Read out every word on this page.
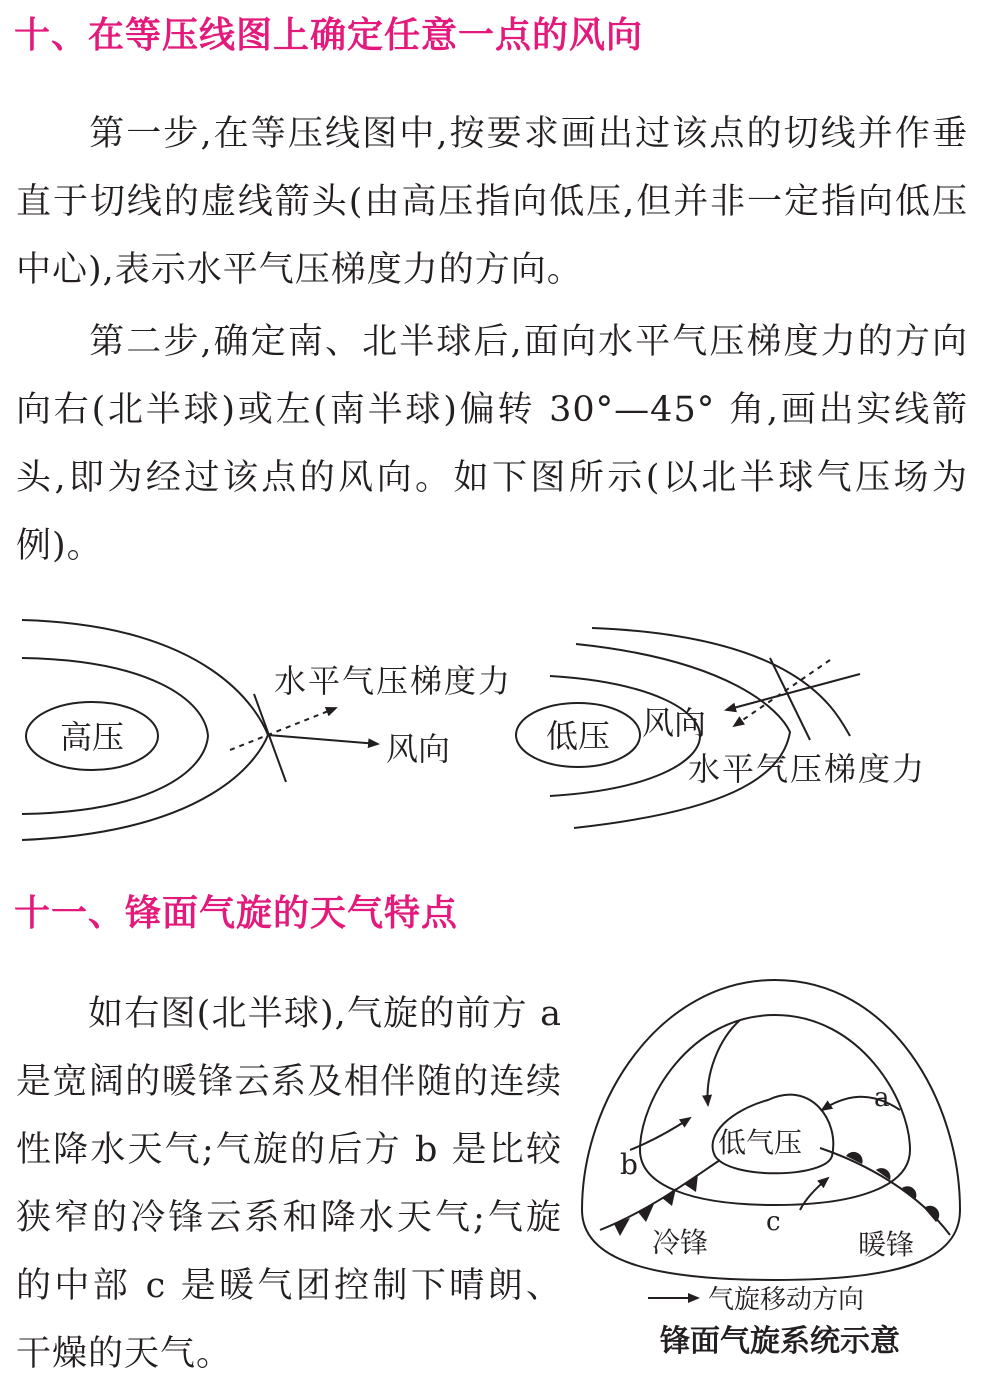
十、在等压线图上确定任意一点的风向

第一步,在等压线图中,按要求画出过该点的切线并作垂直于切线的虚线箭头(由高压指向低压,但并非一定指向低压中心),表示水平气压梯度力的方向。

第二步,确定南、北半球后,面向水平气压梯度力的方向向右(北半球)或左(南半球)偏转 30°—45° 角,画出实线箭头,即为经过该点的风向。如下图所示(以北半球气压场为例)。

高压	低压
水平气压梯度力
风向
风向
水平气压梯度力
十一、锋面气旋的天气特点

如右图(北半球),气旋的前方 a 是宽阔的暖锋云系及相伴随的连续性降水天气;气旋的后方 b 是比较狭窄的冷锋云系和降水天气;气旋的中部 c 是暖气团控制下晴朗、干燥的天气。

低气压
a
b
c
冷锋	暖锋
气旋移动方向

锋面气旋系统示意
